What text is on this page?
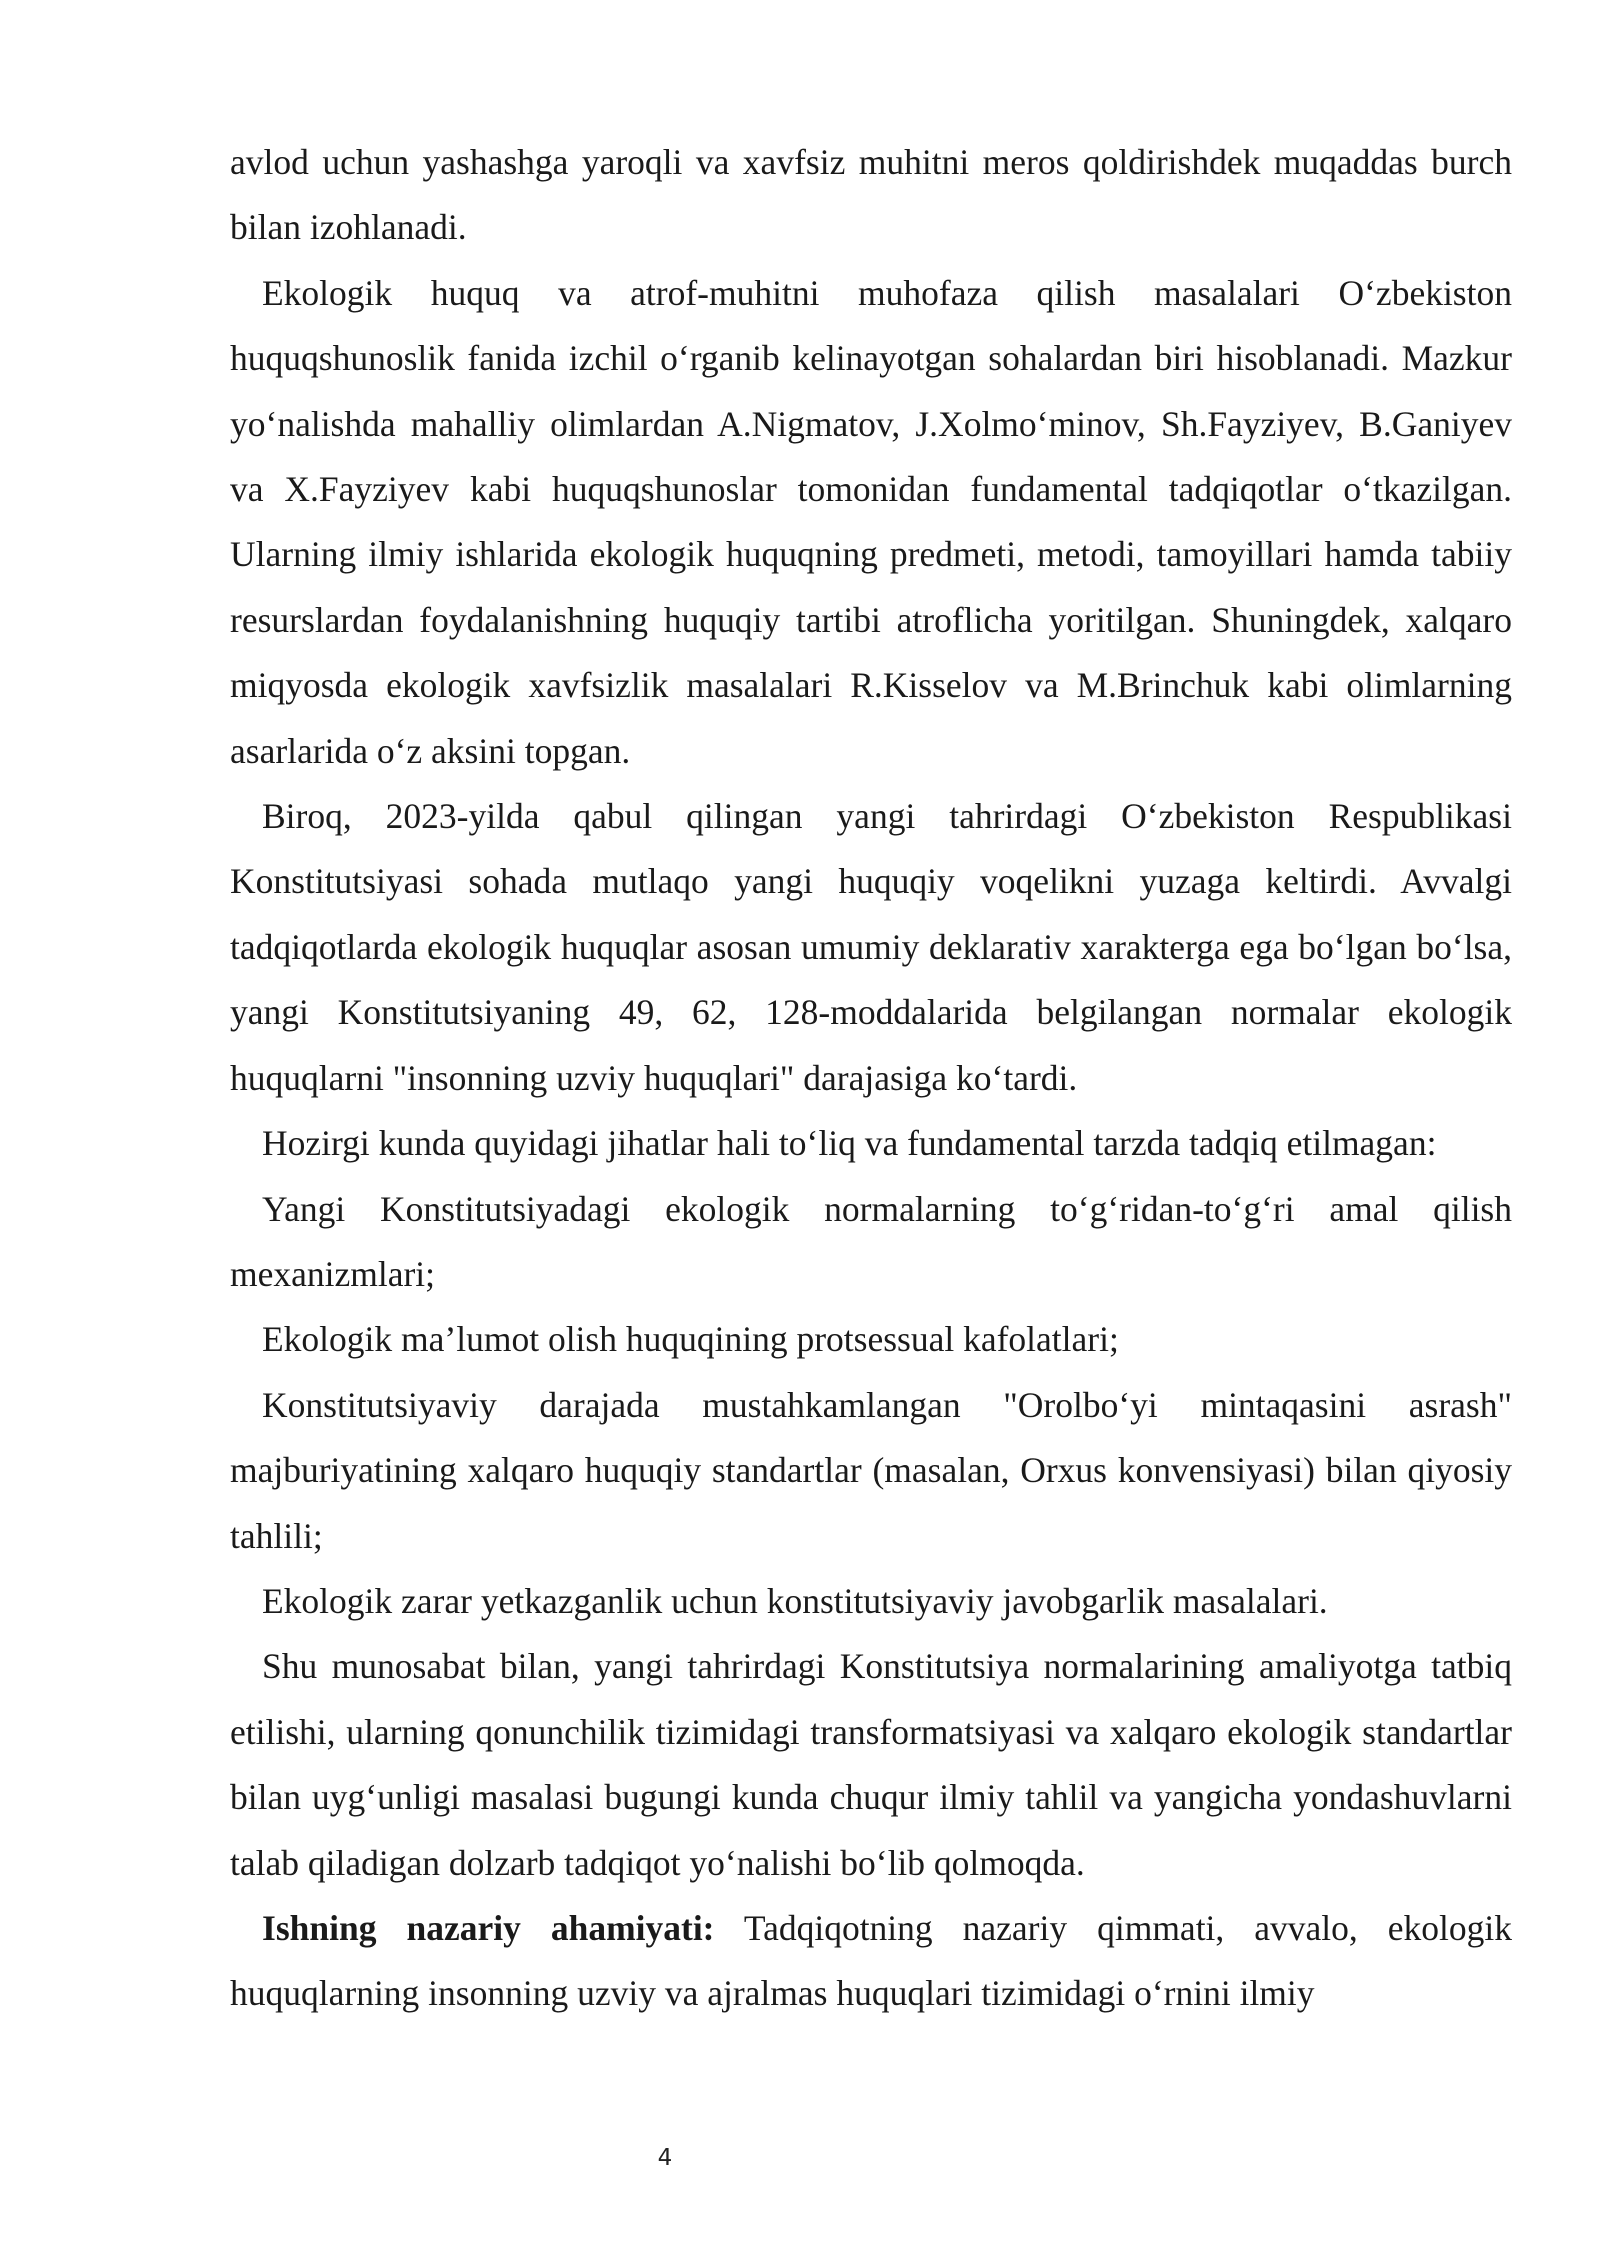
avlod uchun yashashga yaroqli va xavfsiz muhitni meros qoldirishdek muqaddas burch bilan izohlanadi.

Ekologik huquq va atrof-muhitni muhofaza qilish masalalari O‘zbekiston huquqshunoslik fanida izchil o‘rganib kelinayotgan sohalardan biri hisoblanadi. Mazkur yo‘nalishda mahalliy olimlardan A.Nigmatov, J.Xolmo‘minov, Sh.Fayziyev, B.Ganiyev va X.Fayziyev kabi huquqshunoslar tomonidan fundamental tadqiqotlar o‘tkazilgan. Ularning ilmiy ishlarida ekologik huquqning predmeti, metodi, tamoyillari hamda tabiiy resurslardan foydalanishning huquqiy tartibi atroflicha yoritilgan. Shuningdek, xalqaro miqyosda ekologik xavfsizlik masalalari R.Kisselov va M.Brinchuk kabi olimlarning asarlarida o‘z aksini topgan.

Biroq, 2023-yilda qabul qilingan yangi tahrirdagi O‘zbekiston Respublikasi Konstitutsiyasi sohada mutlaqo yangi huquqiy voqelikni yuzaga keltirdi. Avvalgi tadqiqotlarda ekologik huquqlar asosan umumiy deklarativ xarakterga ega bo‘lgan bo‘lsa, yangi Konstitutsiyaning 49, 62, 128-moddalarida belgilangan normalar ekologik huquqlarni "insonning uzviy huquqlari" darajasiga ko‘tardi.

Hozirgi kunda quyidagi jihatlar hali to‘liq va fundamental tarzda tadqiq etilmagan:

Yangi Konstitutsiyadagi ekologik normalarning to‘g‘ridan-to‘g‘ri amal qilish mexanizmlari;

Ekologik ma’lumot olish huquqining protsessual kafolatlari;

Konstitutsiyaviy darajada mustahkamlangan "Orolbo‘yi mintaqasini asrash" majburiyatining xalqaro huquqiy standartlar (masalan, Orxus konvensiyasi) bilan qiyosiy tahlili;

Ekologik zarar yetkazganlik uchun konstitutsiyaviy javobgarlik masalalari.

Shu munosabat bilan, yangi tahrirdagi Konstitutsiya normalarining amaliyotga tatbiq etilishi, ularning qonunchilik tizimidagi transformatsiyasi va xalqaro ekologik standartlar bilan uyg‘unligi masalasi bugungi kunda chuqur ilmiy tahlil va yangicha yondashuvlarni talab qiladigan dolzarb tadqiqot yo‘nalishi bo‘lib qolmoqda.

Ishning nazariy ahamiyati: Tadqiqotning nazariy qimmati, avvalo, ekologik huquqlarning insonning uzviy va ajralmas huquqlari tizimidagi o‘rnini ilmiy

4
